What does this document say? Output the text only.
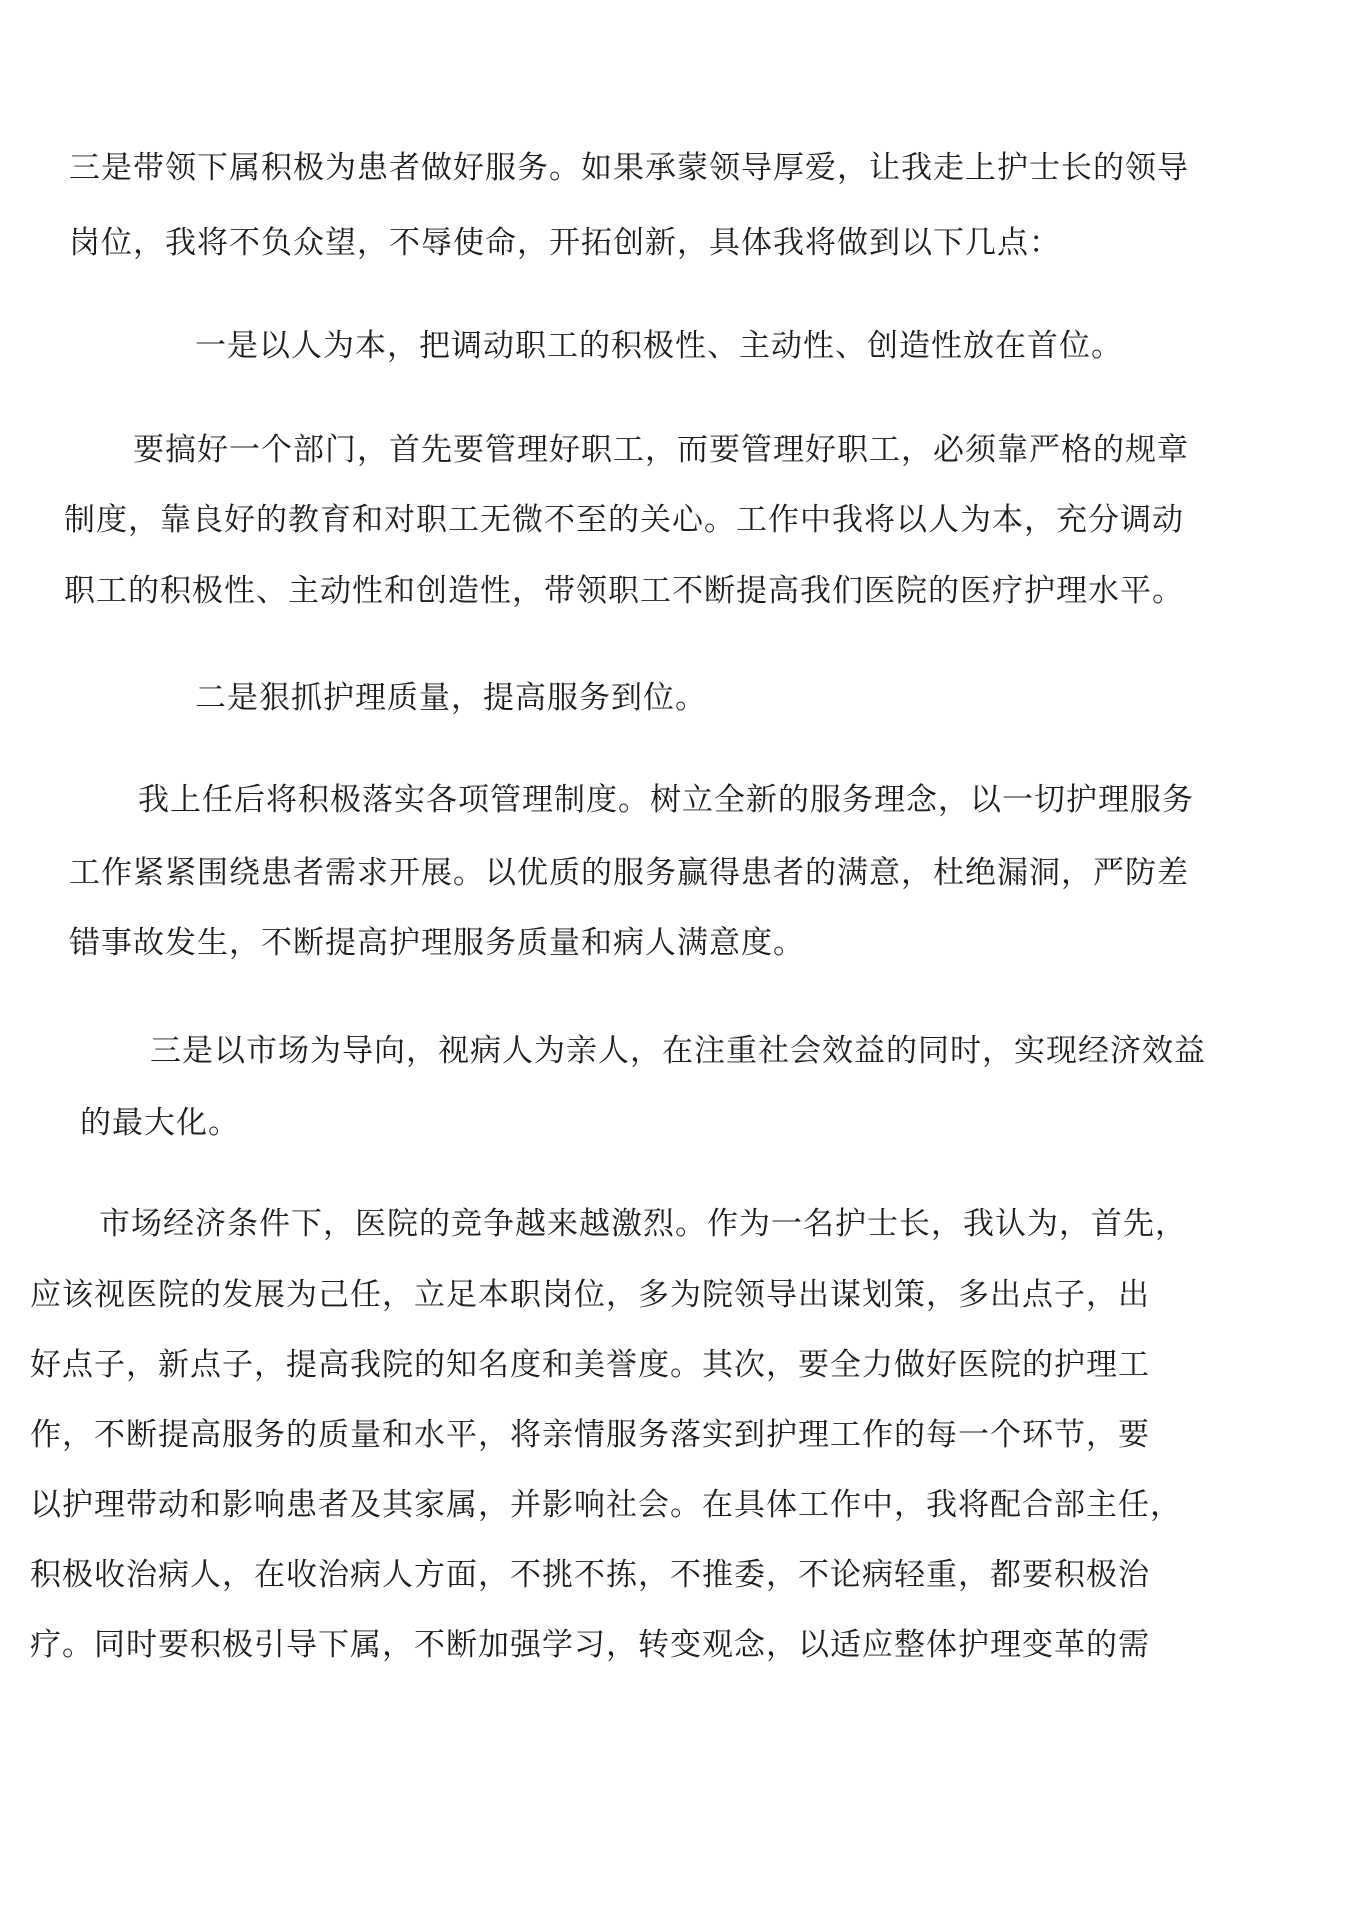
三是带领下属积极为患者做好服务。如果承蒙领导厚爱，让我走上护士长的领导
岗位，我将不负众望，不辱使命，开拓创新，具体我将做到以下几点：
一是以人为本，把调动职工的积极性、主动性、创造性放在首位。
要搞好一个部门，首先要管理好职工，而要管理好职工，必须靠严格的规章
制度，靠良好的教育和对职工无微不至的关心。工作中我将以人为本，充分调动
职工的积极性、主动性和创造性，带领职工不断提高我们医院的医疗护理水平。
二是狠抓护理质量，提高服务到位。
我上任后将积极落实各项管理制度。树立全新的服务理念，以一切护理服务
工作紧紧围绕患者需求开展。以优质的服务赢得患者的满意，杜绝漏洞，严防差
错事故发生，不断提高护理服务质量和病人满意度。
三是以市场为导向，视病人为亲人，在注重社会效益的同时，实现经济效益
的最大化。
市场经济条件下，医院的竞争越来越激烈。作为一名护士长，我认为，首先，
应该视医院的发展为己任，立足本职岗位，多为院领导出谋划策，多出点子，出
好点子，新点子，提高我院的知名度和美誉度。其次，要全力做好医院的护理工
作，不断提高服务的质量和水平，将亲情服务落实到护理工作的每一个环节，要
以护理带动和影响患者及其家属，并影响社会。在具体工作中，我将配合部主任，
积极收治病人，在收治病人方面，不挑不拣，不推委，不论病轻重，都要积极治
疗。同时要积极引导下属，不断加强学习，转变观念，以适应整体护理变革的需
